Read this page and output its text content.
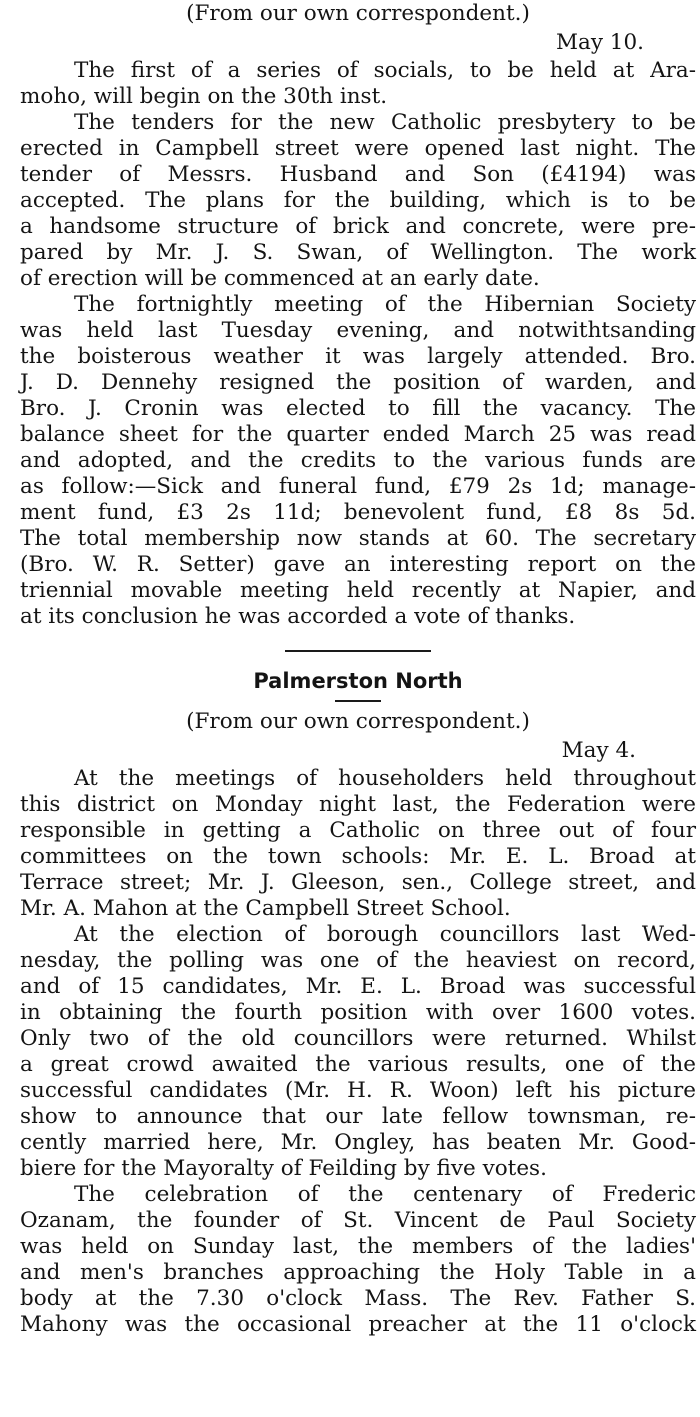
(From our own correspondent.)
May 10.
The first of a series of socials, to be held at Ara-
moho, will begin on the 30th inst.
The tenders for the new Catholic presbytery to be
erected in Campbell street were opened last night. The
tender of Messrs. Husband and Son (£4194) was
accepted. The plans for the building, which is to be
a handsome structure of brick and concrete, were pre-
pared by Mr. J. S. Swan, of Wellington. The work
of erection will be commenced at an early date.
The fortnightly meeting of the Hibernian Society
was held last Tuesday evening, and notwithtsanding
the boisterous weather it was largely attended. Bro.
J. D. Dennehy resigned the position of warden, and
Bro. J. Cronin was elected to fill the vacancy. The
balance sheet for the quarter ended March 25 was read
and adopted, and the credits to the various funds are
as follow:—Sick and funeral fund, £79 2s 1d; manage-
ment fund, £3 2s 11d; benevolent fund, £8 8s 5d.
The total membership now stands at 60. The secretary
(Bro. W. R. Setter) gave an interesting report on the
triennial movable meeting held recently at Napier, and
at its conclusion he was accorded a vote of thanks.
Palmerston North
(From our own correspondent.)
May 4.
At the meetings of householders held throughout
this district on Monday night last, the Federation were
responsible in getting a Catholic on three out of four
committees on the town schools: Mr. E. L. Broad at
Terrace street; Mr. J. Gleeson, sen., College street, and
Mr. A. Mahon at the Campbell Street School.
At the election of borough councillors last Wed-
nesday, the polling was one of the heaviest on record,
and of 15 candidates, Mr. E. L. Broad was successful
in obtaining the fourth position with over 1600 votes.
Only two of the old councillors were returned. Whilst
a great crowd awaited the various results, one of the
successful candidates (Mr. H. R. Woon) left his picture
show to announce that our late fellow townsman, re-
cently married here, Mr. Ongley, has beaten Mr. Good-
biere for the Mayoralty of Feilding by five votes.
The celebration of the centenary of Frederic
Ozanam, the founder of St. Vincent de Paul Society
was held on Sunday last, the members of the ladies'
and men's branches approaching the Holy Table in a
body at the 7.30 o'clock Mass. The Rev. Father S.
Mahony was the occasional preacher at the 11 o'clock
